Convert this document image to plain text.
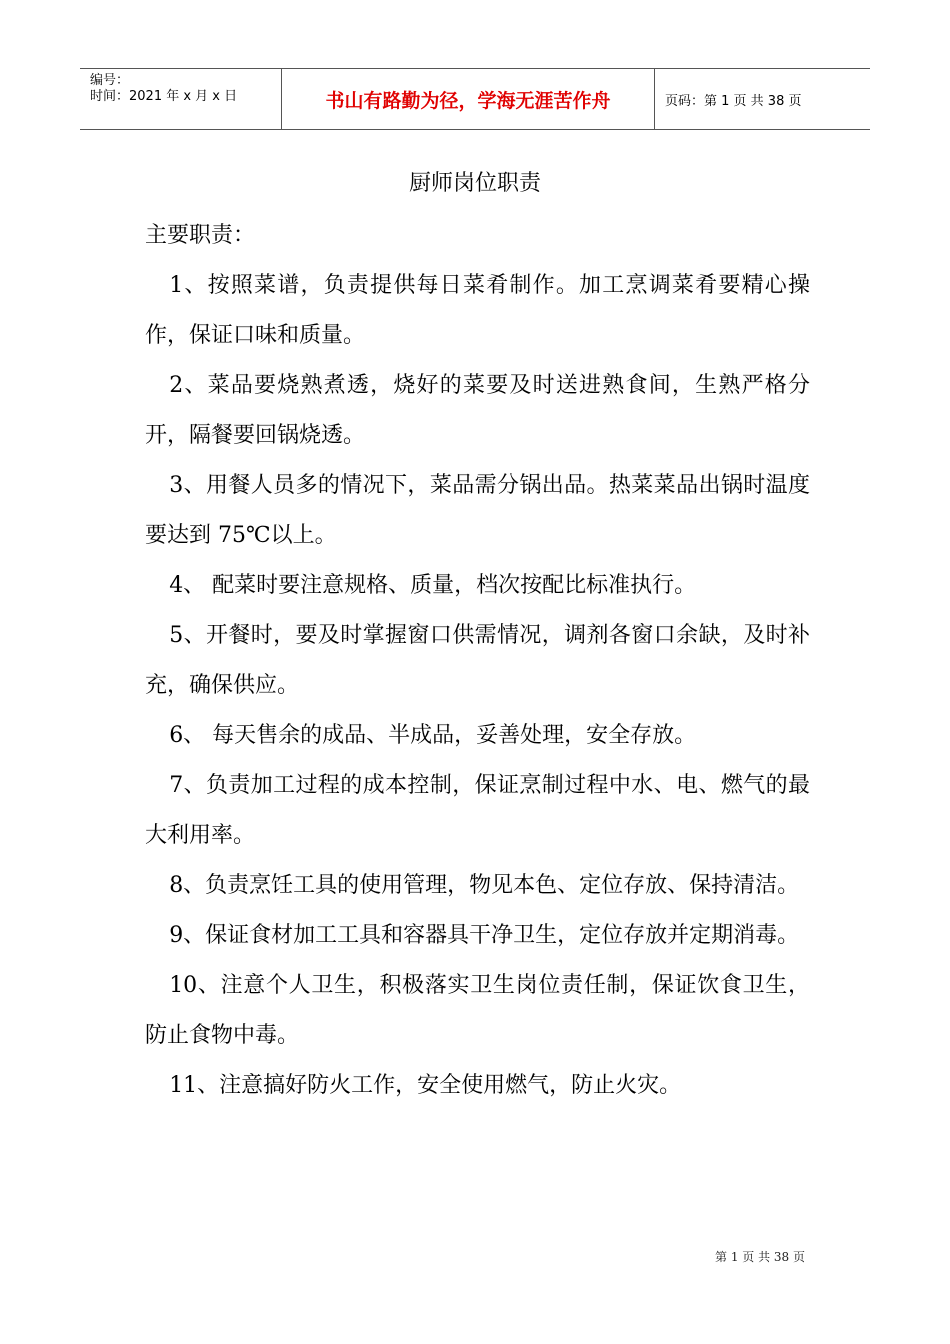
编号：
时间：2021 年 x 月 x 日	书山有路勤为径，学海无涯苦作舟	页码：第 1 页 共 38 页
厨师岗位职责

主要职责：

1、按照菜谱，负责提供每日菜肴制作。加工烹调菜肴要精心操作，保证口味和质量。

2、菜品要烧熟煮透，烧好的菜要及时送进熟食间，生熟严格分开，隔餐要回锅烧透。

3、用餐人员多的情况下，菜品需分锅出品。热菜菜品出锅时温度要达到 75℃以上。

4、 配菜时要注意规格、质量，档次按配比标准执行。

5、开餐时，要及时掌握窗口供需情况，调剂各窗口余缺，及时补充，确保供应。

6、 每天售余的成品、半成品，妥善处理，安全存放。

7、负责加工过程的成本控制，保证烹制过程中水、电、燃气的最大利用率。

8、负责烹饪工具的使用管理，物见本色、定位存放、保持清洁。

9、保证食材加工工具和容器具干净卫生，定位存放并定期消毒。

10、注意个人卫生，积极落实卫生岗位责任制，保证饮食卫生，防止食物中毒。

11、注意搞好防火工作，安全使用燃气，防止火灾。

第 1 页 共 38 页
